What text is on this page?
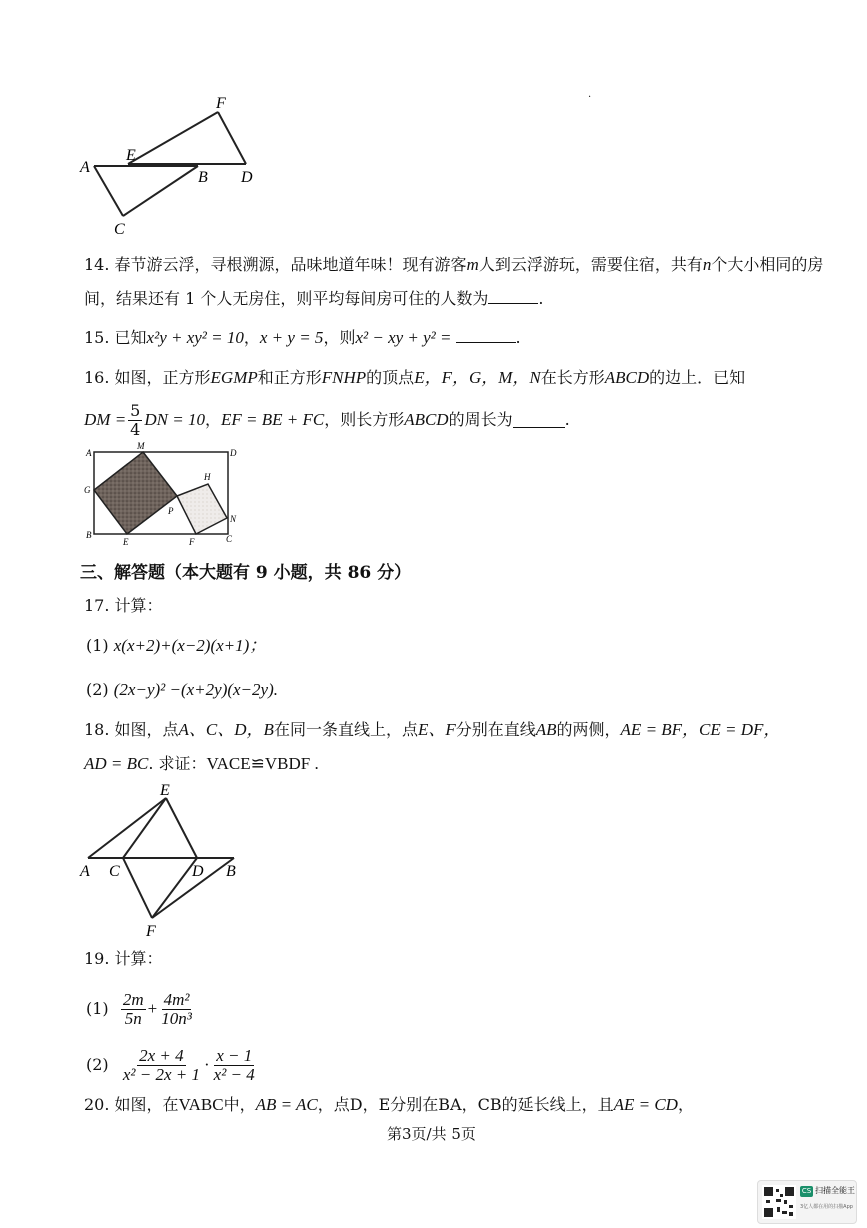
.
F
A
E
B D
C
14. 春节游云浮，寻根溯源，品味地道年味！现有游客m人到云浮游玩，需要住宿，共有n个大小相同的房
间，结果还有 1 个人无房住，则平均每间房可住的人数为	.
15. 已知x²y + xy² = 10，x + y = 5，则x² − xy + y² =	.
16. 如图，正方形EGMP和正方形FNHP的顶点E，F，G，M，N在长方形ABCD的边上．已知
DM = $\frac{5}{4}$ DN = 10 ， EF = BE + FC ，则长方形 ABCD 的周长为	.
A
M
D
G
H
P
N
B
E	F	C
三、解答题（本大题有 9 小题，共 86 分）
17. 计算：
(1) x(x+2)+(x−2)(x+1)；
(2) (2x−y)² −(x+2y)(x−2y).
18. 如图，点A、C、D，B在同一条直线上，点E、F分别在直线AB的两侧，AE = BF，CE = DF，
AD = BC. 求证：VACE≌VBDF .
E
A C	D B
F
19. 计算：
(1)
$\frac{2m}{5n} + \frac{\text{4m²}}{\text{10n³}}$
(2)
$\frac{2x + 4}{\text{x² − 2x + 1}} \cdot \frac{x - 1}{\text{x² − 4}}$
20. 如图，在VABC中，AB = AC，点D，E分别在BA，CB的延长线上，且AE = CD，
第3页/共 5页
CS 扫描全能王
3亿人都在用的扫描App
